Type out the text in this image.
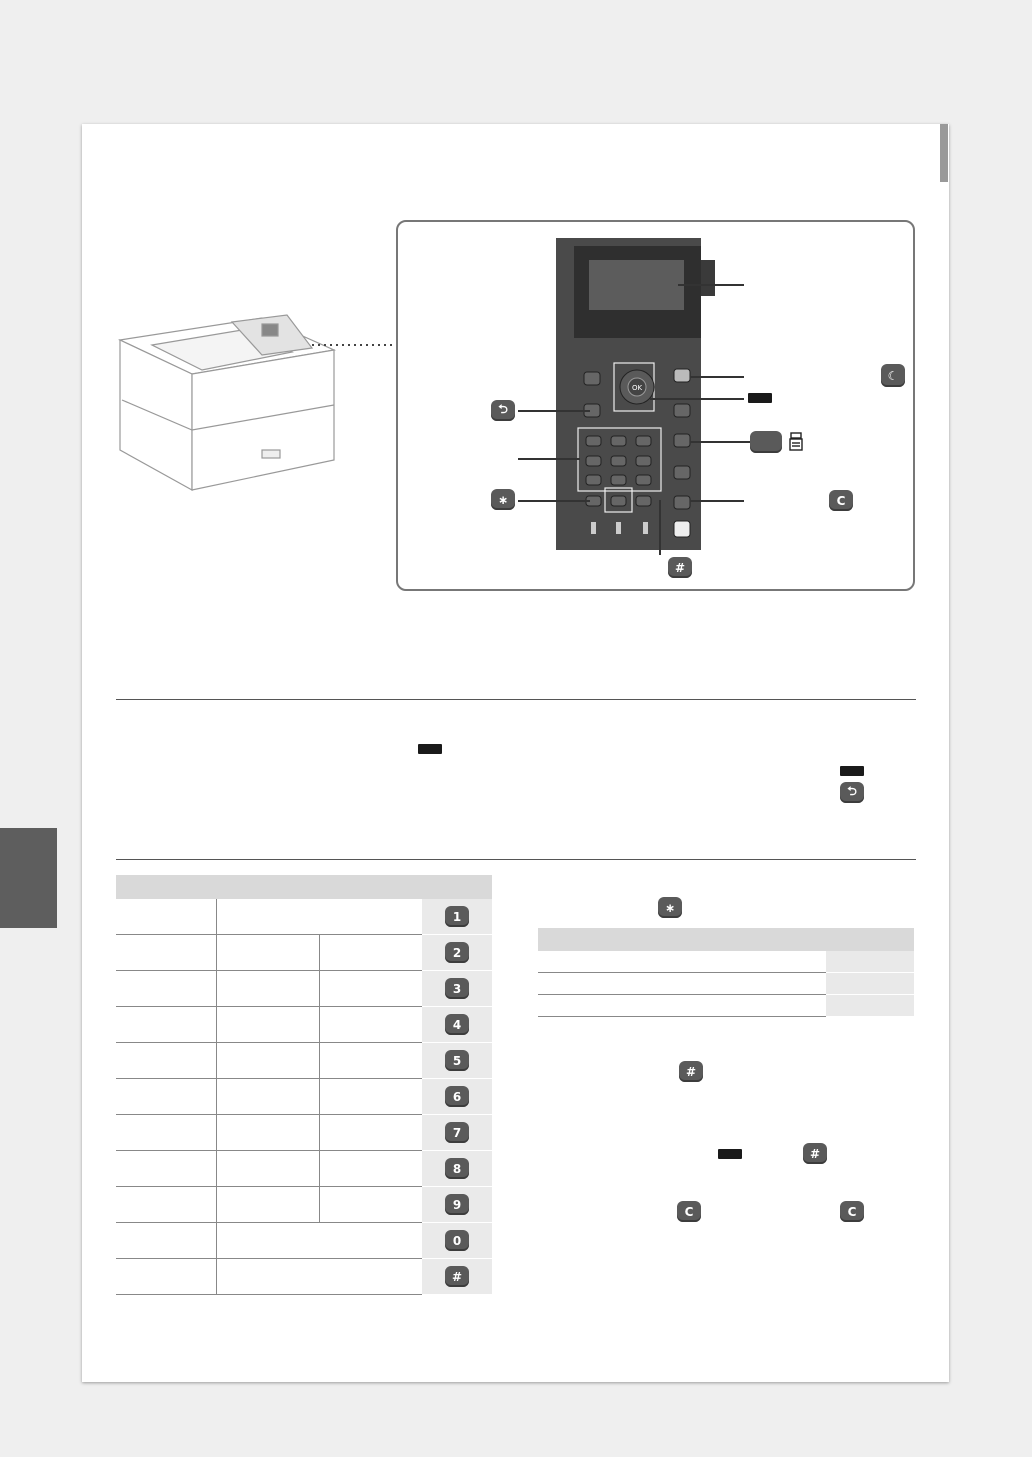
OK
☾
C
⮌
∗
#
⮌

1

2

3

4

5

6

7

8

9

0

#
∗

#
#
C	C
